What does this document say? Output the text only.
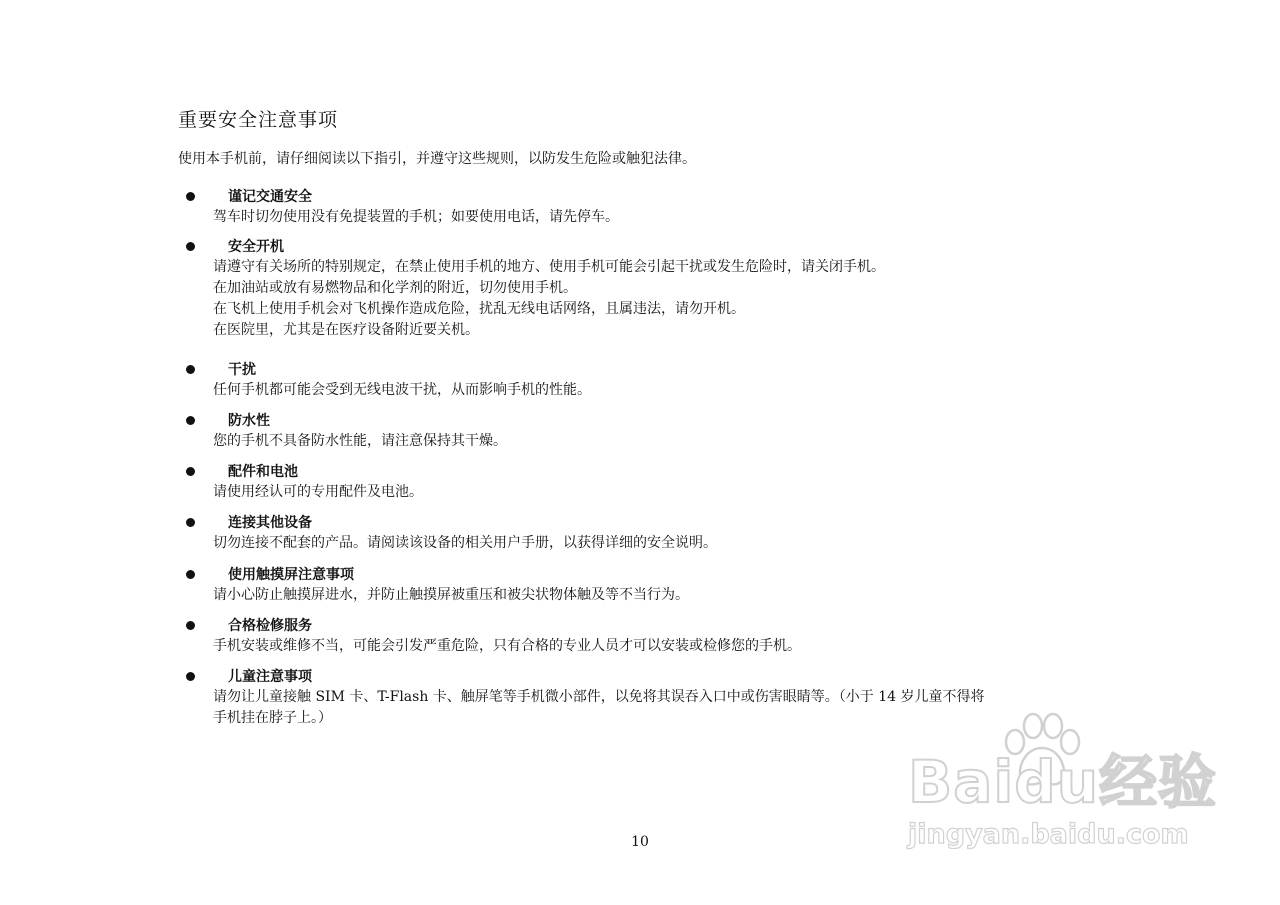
重要安全注意事项
使用本手机前，请仔细阅读以下指引，并遵守这些规则，以防发生危险或触犯法律。
谨记交通安全
驾车时切勿使用没有免提装置的手机；如要使用电话，请先停车。
安全开机
请遵守有关场所的特别规定，在禁止使用手机的地方、使用手机可能会引起干扰或发生危险时，请关闭手机。
在加油站或放有易燃物品和化学剂的附近，切勿使用手机。
在飞机上使用手机会对飞机操作造成危险，扰乱无线电话网络，且属违法，请勿开机。
在医院里，尤其是在医疗设备附近要关机。
干扰
任何手机都可能会受到无线电波干扰，从而影响手机的性能。
防水性
您的手机不具备防水性能，请注意保持其干燥。
配件和电池
请使用经认可的专用配件及电池。
连接其他设备
切勿连接不配套的产品。请阅读该设备的相关用户手册，以获得详细的安全说明。
使用触摸屏注意事项
请小心防止触摸屏进水，并防止触摸屏被重压和被尖状物体触及等不当行为。
合格检修服务
手机安装或维修不当，可能会引发严重危险，只有合格的专业人员才可以安装或检修您的手机。
儿童注意事项
请勿让儿童接触 SIM 卡、T-Flash 卡、触屏笔等手机微小部件，以免将其误吞入口中或伤害眼睛等。（小于 14 岁儿童不得将
手机挂在脖子上。）
10
Baidu经验
jingyan.baidu.com
